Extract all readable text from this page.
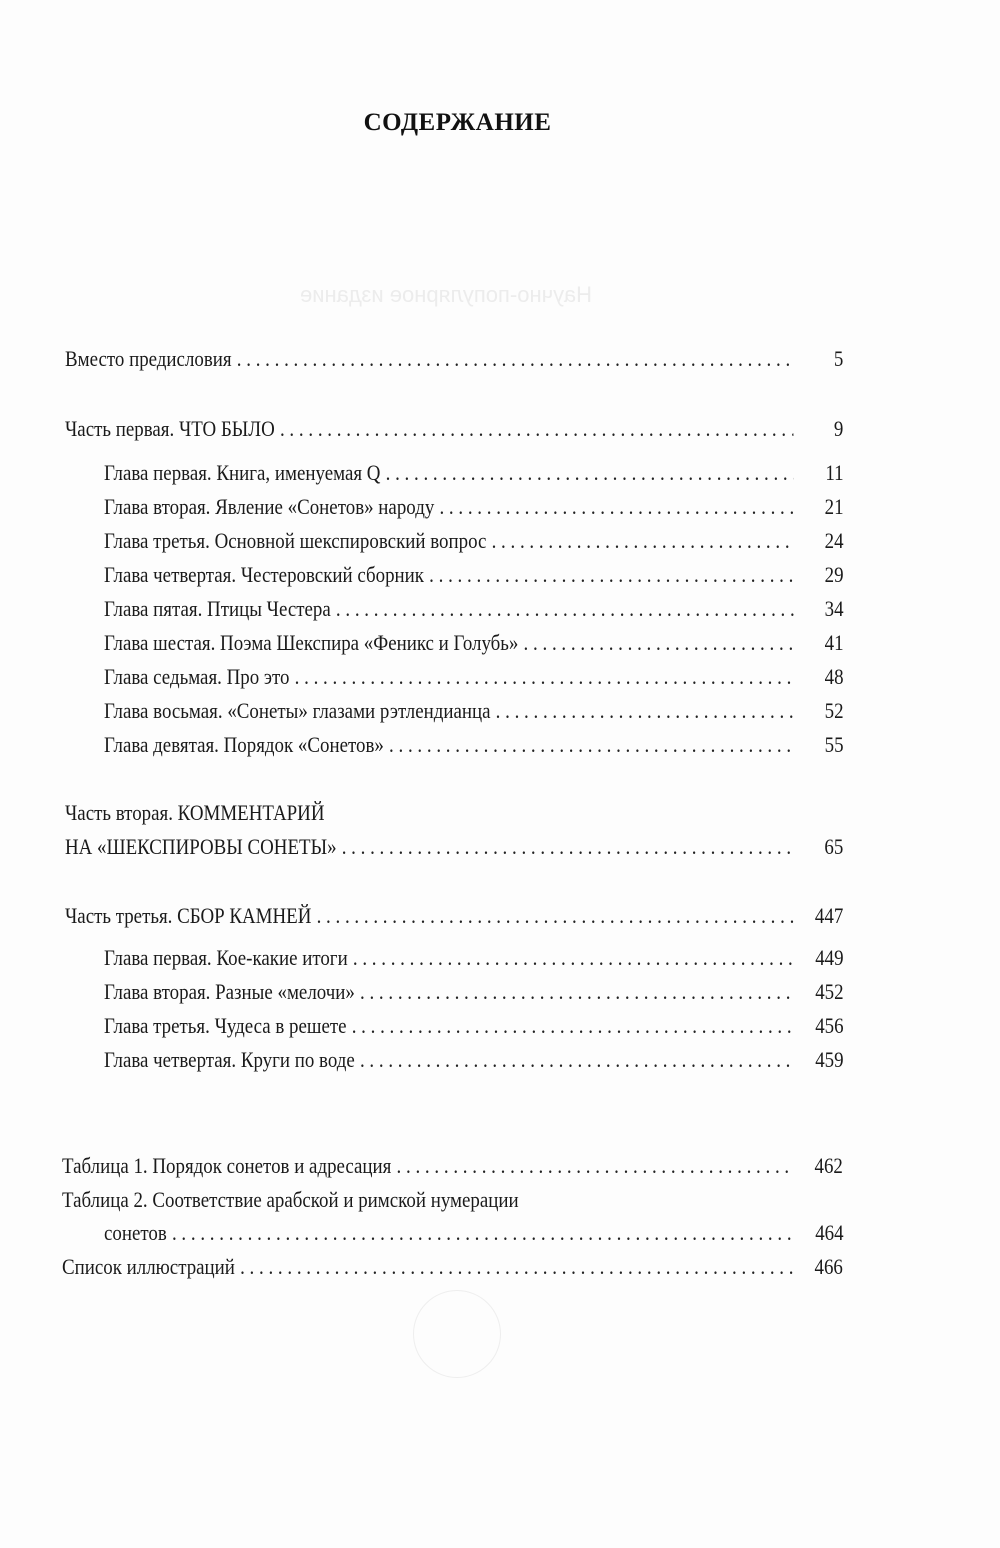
Научно-популярное издание
СОДЕРЖАНИЕ
Вместо предисловия . . .	5
Часть первая. ЧТО БЫЛО . . .	9
Глава первая. Книга, именуемая Q . . .	11
Глава вторая. Явление «Сонетов» народу . . .	21
Глава третья. Основной шекспировский вопрос . . .	24
Глава четвертая. Честеровский сборник . . .	29
Глава пятая. Птицы Честера . . .	34
Глава шестая. Поэма Шекспира «Феникс и Голубь» . . .	41
Глава седьмая. Про это . . .	48
Глава восьмая. «Сонеты» глазами рэтлендианца . . .	52
Глава девятая. Порядок «Сонетов» . . .	55
Часть вторая. КОММЕНТАРИЙ
НА «ШЕКСПИРОВЫ СОНЕТЫ» . . .	65
Часть третья. СБОР КАМНЕЙ . . .	447
Глава первая. Кое-какие итоги . . .	449
Глава вторая. Разные «мелочи» . . .	452
Глава третья. Чудеса в решете . . .	456
Глава четвертая. Круги по воде . . .	459
Таблица 1. Порядок сонетов и адресация . . .	462
Таблица 2. Соответствие арабской и римской нумерации
сонетов . . .	464
Список иллюстраций . . .	466
